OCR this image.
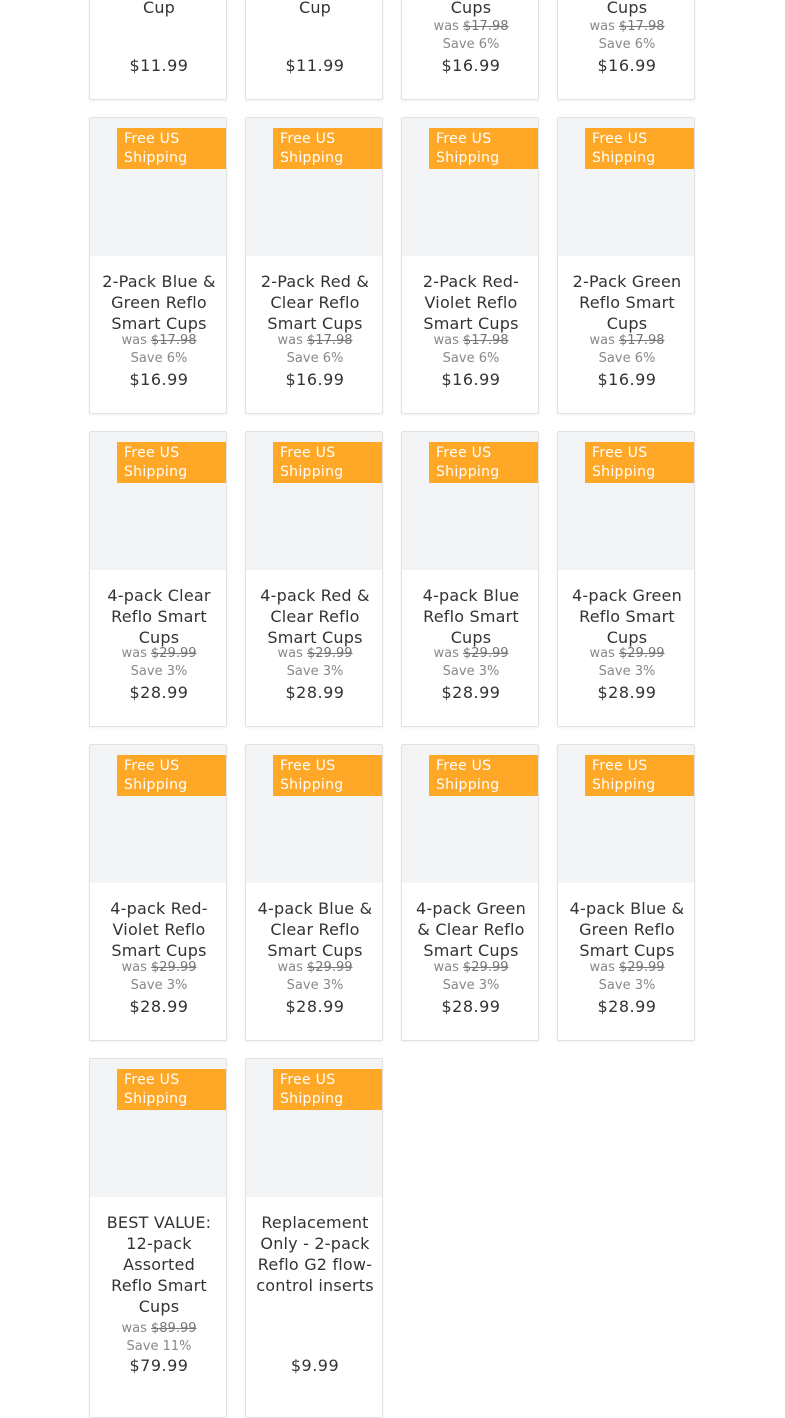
Cup
$11.99
Cup
$11.99
Cups
was $17.98
Save 6%
$16.99
Cups
was $17.98
Save 6%
$16.99
Free US Shipping
2-Pack Blue & Green Reflo Smart Cups
was $17.98
Save 6%
$16.99
Free US Shipping
2-Pack Red & Clear Reflo Smart Cups
was $17.98
Save 6%
$16.99
Free US Shipping
2-Pack Red-Violet Reflo Smart Cups
was $17.98
Save 6%
$16.99
Free US Shipping
2-Pack Green Reflo Smart Cups
was $17.98
Save 6%
$16.99
Free US Shipping
4-pack Clear Reflo Smart Cups
was $29.99
Save 3%
$28.99
Free US Shipping
4-pack Red & Clear Reflo Smart Cups
was $29.99
Save 3%
$28.99
Free US Shipping
4-pack Blue Reflo Smart Cups
was $29.99
Save 3%
$28.99
Free US Shipping
4-pack Green Reflo Smart Cups
was $29.99
Save 3%
$28.99
Free US Shipping
4-pack Red-Violet Reflo Smart Cups
was $29.99
Save 3%
$28.99
Free US Shipping
4-pack Blue & Clear Reflo Smart Cups
was $29.99
Save 3%
$28.99
Free US Shipping
4-pack Green & Clear Reflo Smart Cups
was $29.99
Save 3%
$28.99
Free US Shipping
4-pack Blue & Green Reflo Smart Cups
was $29.99
Save 3%
$28.99
Free US Shipping
BEST VALUE: 12-pack Assorted Reflo Smart Cups
was $89.99
Save 11%
$79.99
Free US Shipping
Replacement Only - 2-pack Reflo G2 flow-control inserts
$9.99
